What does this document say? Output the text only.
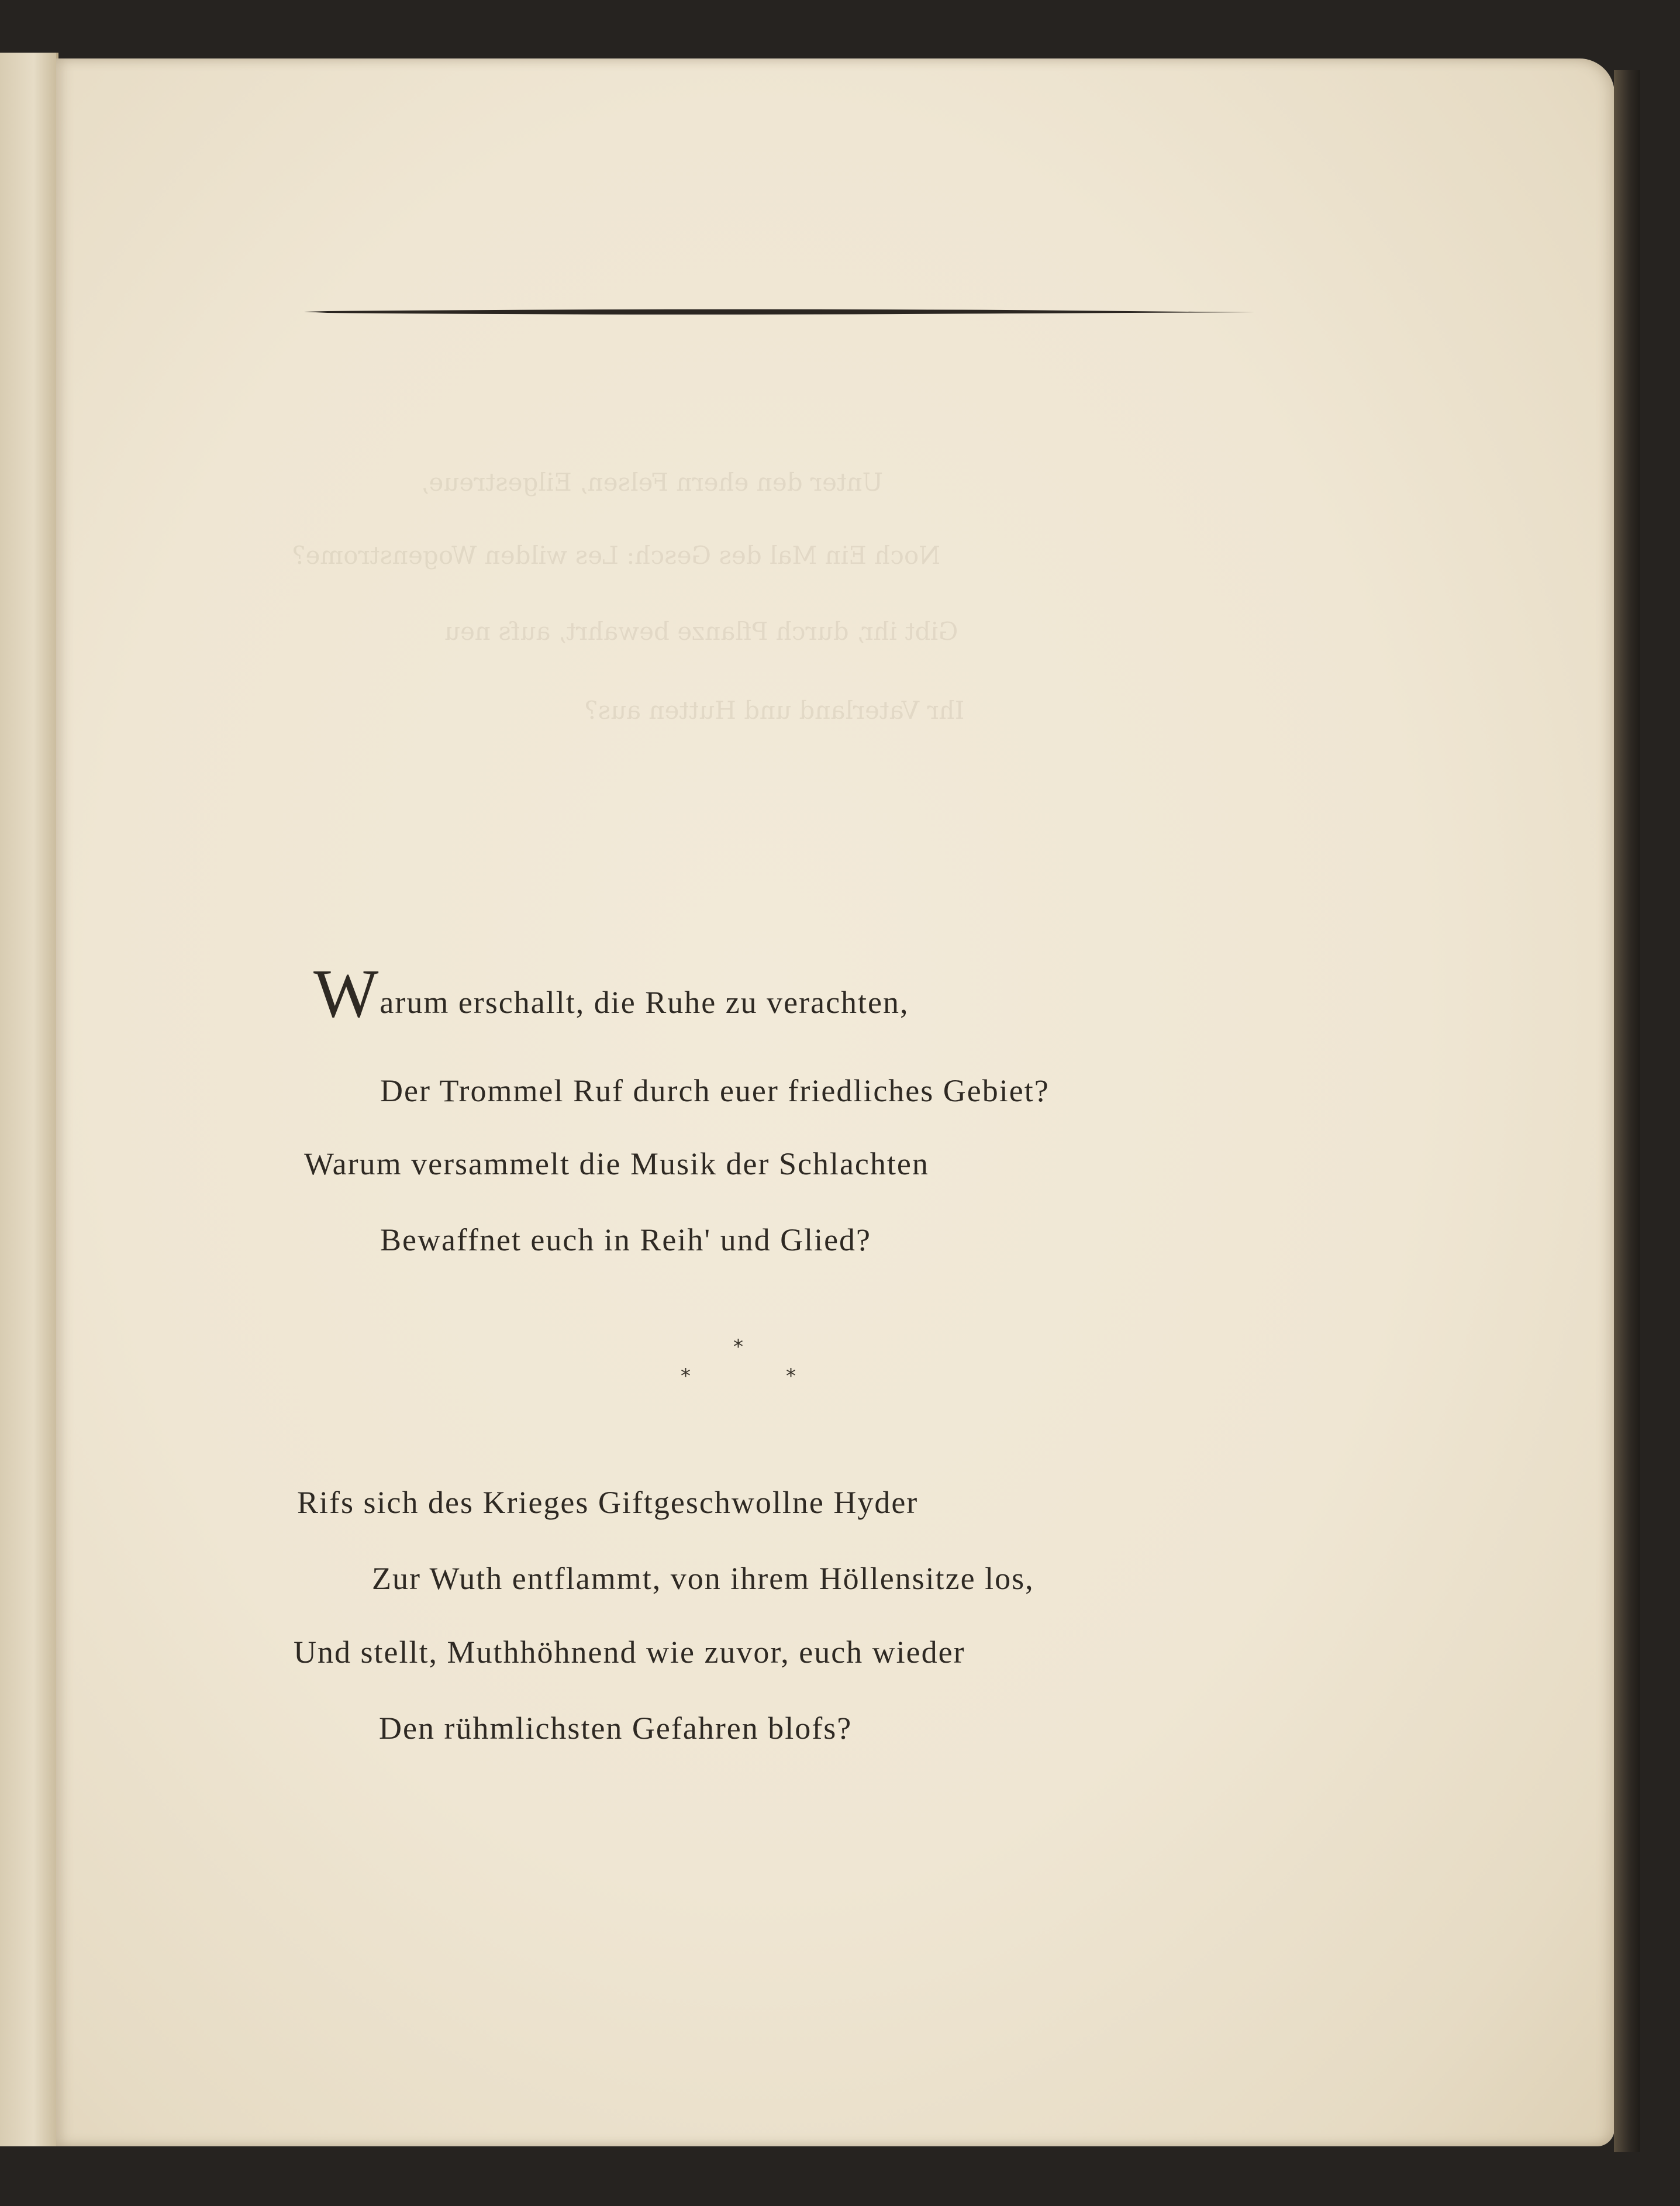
Unter den ehern Felsen, Eilgestreue,
Noch Ein Mal des Gesch: Les wilden Wogenstrome?
Gibt ihr, durch Pflanze bewahrt, aufs neu
Ihr Vaterland und Hutten aus?
Warum erschallt, die Ruhe zu verachten,
Der Trommel Ruf durch euer friedliches Gebiet?
Warum versammelt die Musik der Schlachten
Bewaffnet euch in Reih' und Glied?
*
*	*
Rifs sich des Krieges Giftgeschwollne Hyder
Zur Wuth entflammt, von ihrem Höllensitze los,
Und stellt, Muthhöhnend wie zuvor, euch wieder
Den rühmlichsten Gefahren blofs?
